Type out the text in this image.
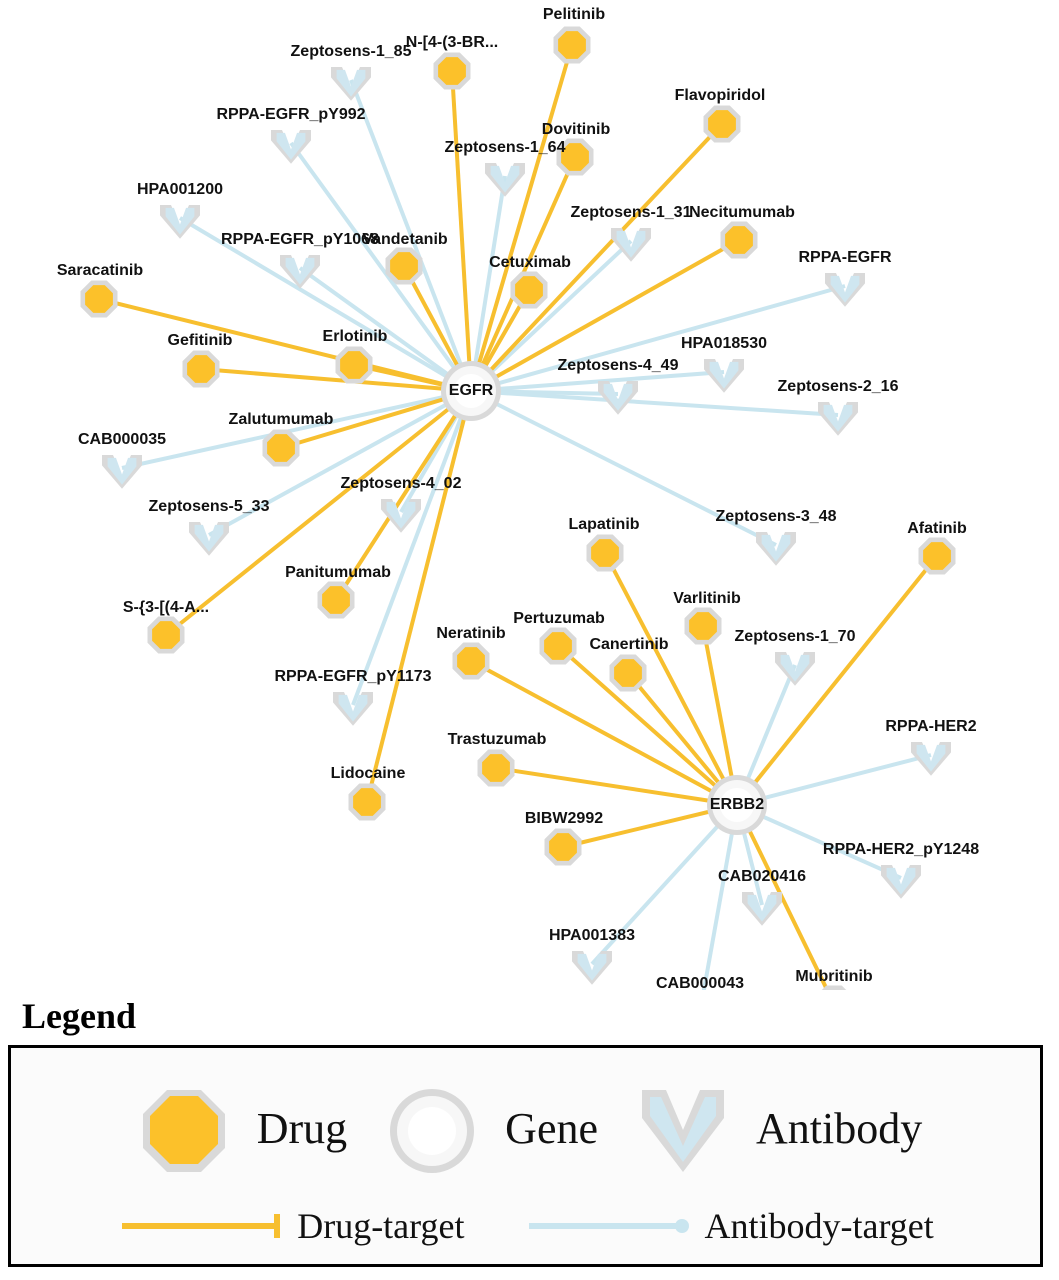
Pelitinib
N-[4-(3-BR...
Flavopiridol
Dovitinib
Necitumumab
Vandetanib
Cetuximab
Saracatinib
Gefitinib	Erlotinib
Zalutumumab
Afatinib
Lapatinib
Varlitinib
Panitumumab
S-{3-[(4-A...
Pertuzumab
Neratinib
Canertinib
Trastuzumab
Lidocaine
BIBW2992
Mubritinib
Zeptosens-1_85
RPPA-EGFR_pY992
Zeptosens-1_64
HPA001200
Zeptosens-1_31
RPPA-EGFR_pY1068
RPPA-EGFR
HPA018530
Zeptosens-4_49
Zeptosens-2_16
CAB000035
Zeptosens-4_02
Zeptosens-5_33
Zeptosens-3_48
Zeptosens-1_70
RPPA-EGFR_pY1173
RPPA-HER2
RPPA-HER2_pY1248
CAB020416
HPA001383
CAB000043
EGFR
ERBB2
Legend
Drug	Gene	Antibody
Drug-target	Antibody-target
